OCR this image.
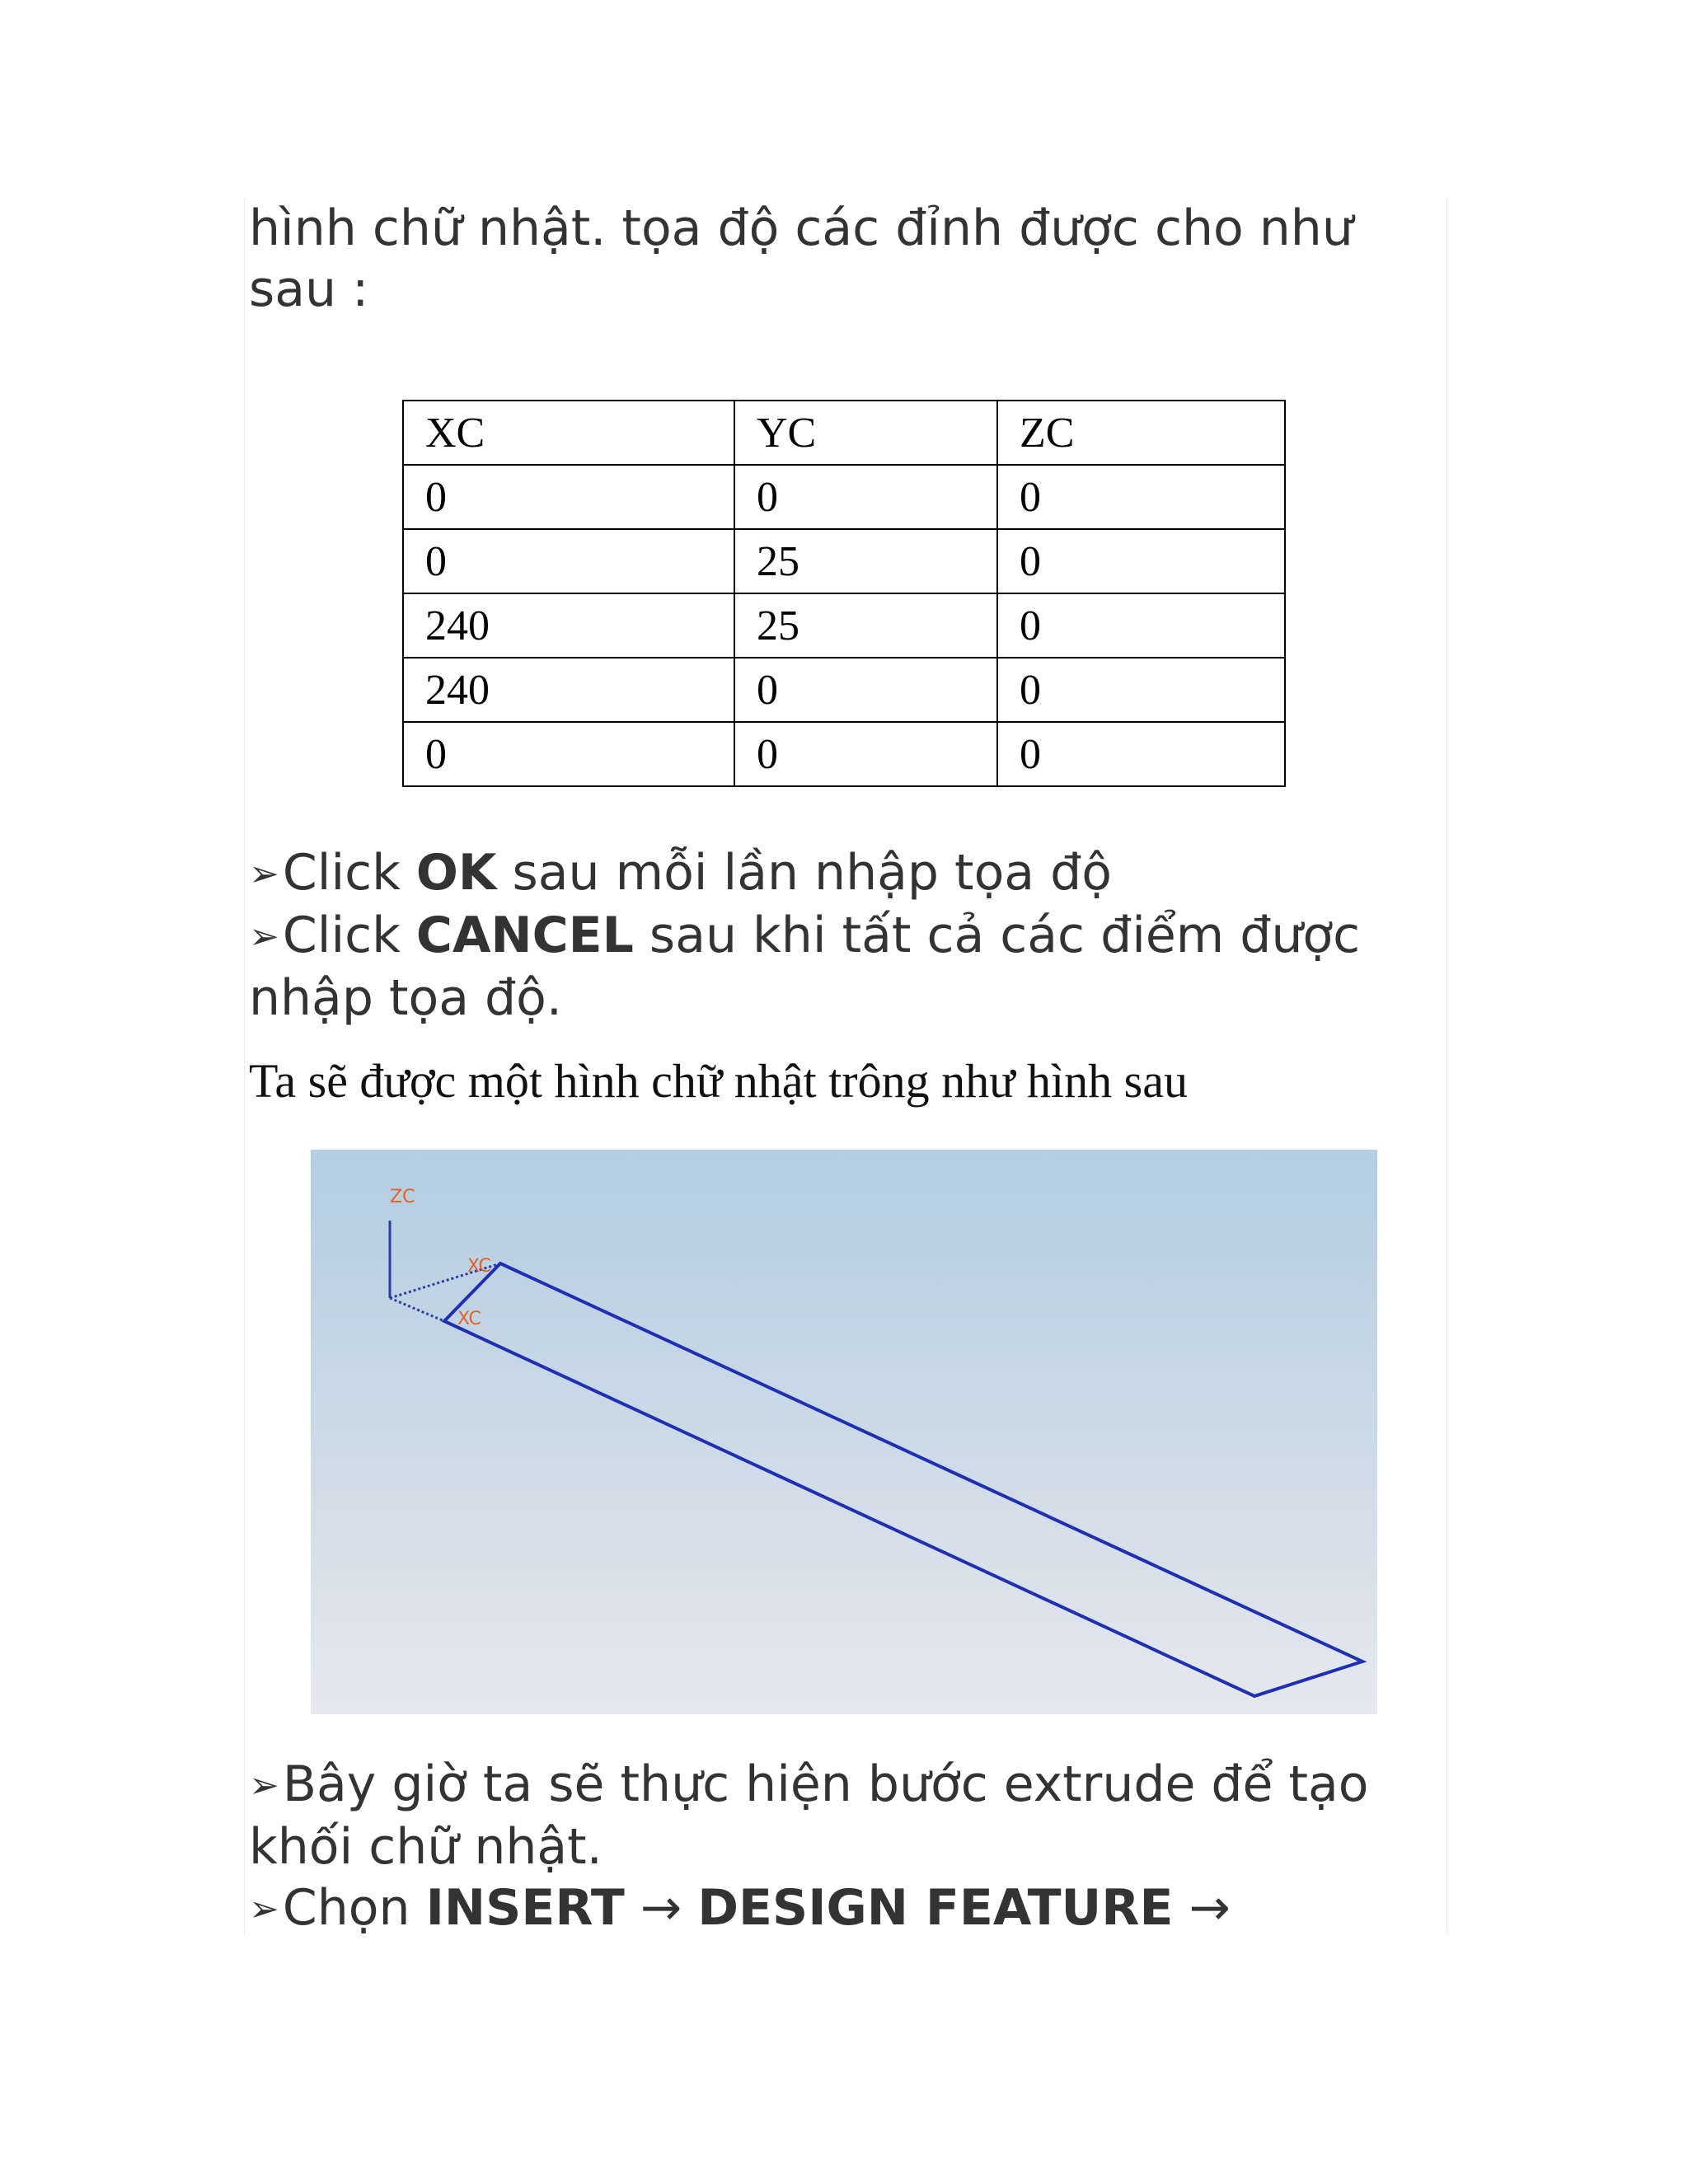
hình chữ nhật. tọa độ các đỉnh được cho như
sau :

XC	YC	ZC
0	0	0
0	25	0
240	25	0
240	0	0
0	0	0

➢Click OK sau mỗi lần nhập tọa độ
➢Click CANCEL sau khi tất cả các điểm được
nhập tọa độ.

Ta sẽ được một hình chữ nhật trông như hình sau

ZC
XC
XC

➢Bây giờ ta sẽ thực hiện bước extrude để tạo
khối chữ nhật.
➢Chọn INSERT → DESIGN FEATURE →
